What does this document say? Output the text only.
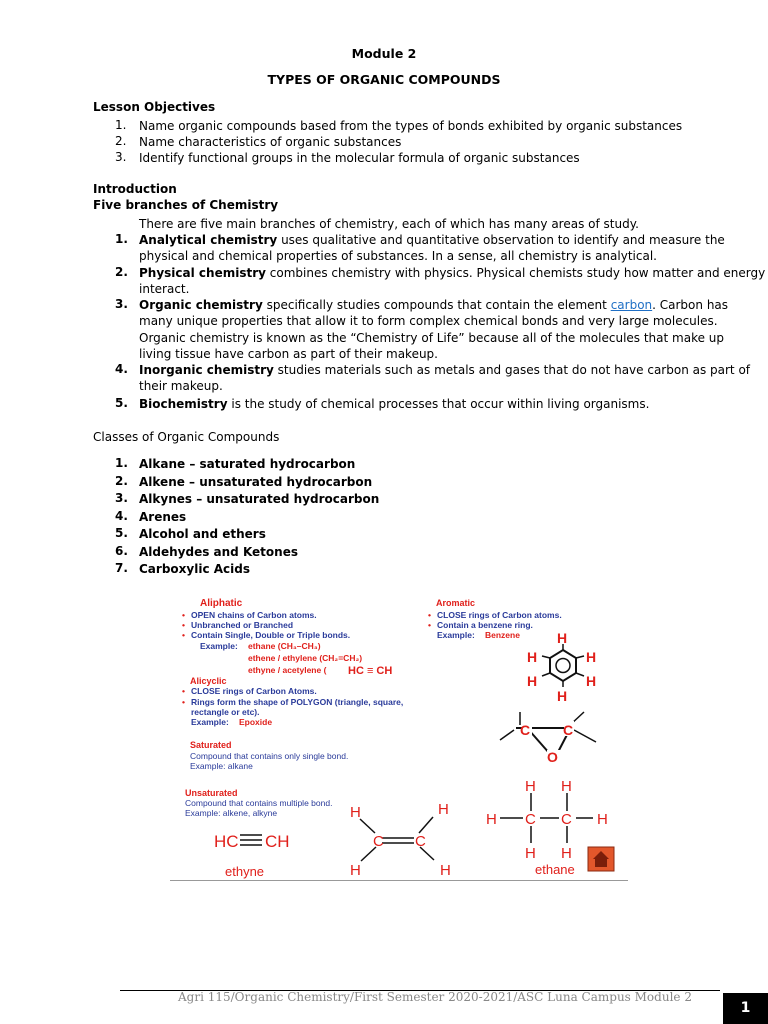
Module 2
TYPES OF ORGANIC COMPOUNDS
Lesson Objectives
1. Name organic compounds based from the types of bonds exhibited by organic substances
2. Name characteristics of organic substances
3. Identify functional groups in the molecular formula of organic substances
Introduction
Five branches of Chemistry
There are five main branches of chemistry, each of which has many areas of study.
1. Analytical chemistry uses qualitative and quantitative observation to identify and measure the
physical and chemical properties of substances. In a sense, all chemistry is analytical.
2. Physical chemistry combines chemistry with physics. Physical chemists study how matter and energy
interact.
3. Organic chemistry specifically studies compounds that contain the element carbon. Carbon has
many unique properties that allow it to form complex chemical bonds and very large molecules.
Organic chemistry is known as the “Chemistry of Life” because all of the molecules that make up
living tissue have carbon as part of their makeup.
4. Inorganic chemistry studies materials such as metals and gases that do not have carbon as part of
their makeup.
5. Biochemistry is the study of chemical processes that occur within living organisms.
Classes of Organic Compounds
1. Alkane – saturated hydrocarbon
2. Alkene – unsaturated hydrocarbon
3. Alkynes – unsaturated hydrocarbon
4. Arenes
5. Alcohol and ethers
6. Aldehydes and Ketones
7. Carboxylic Acids
Aliphatic
• OPEN chains of Carbon atoms.
• Unbranched or Branched
• Contain Single, Double or Triple bonds.
Example: ethane (CH₃–CH₃)
ethene / ethylene (CH₂=CH₂)
ethyne / acetylene ( HC ≡ CH
Aromatic
• CLOSE rings of Carbon atoms.
• Contain a benzene ring.
Example: Benzene	H
H
H
H
H
H
Alicyclic
• CLOSE rings of Carbon Atoms.
• Rings form the shape of POLYGON (triangle, square,
rectangle or etc).
Example: Epoxide	C C
O
Saturated
Compound that contains only single bond.
Example: alkane
Unsaturated
Compound that contains multiple bond.
Example: alkene, alkyne
HC CH
ethyne
H	H
C C
H	H
H H
H C C H
H H
ethane
Agri 115/Organic Chemistry/First Semester 2020-2021/ASC Luna Campus Module 2
1
